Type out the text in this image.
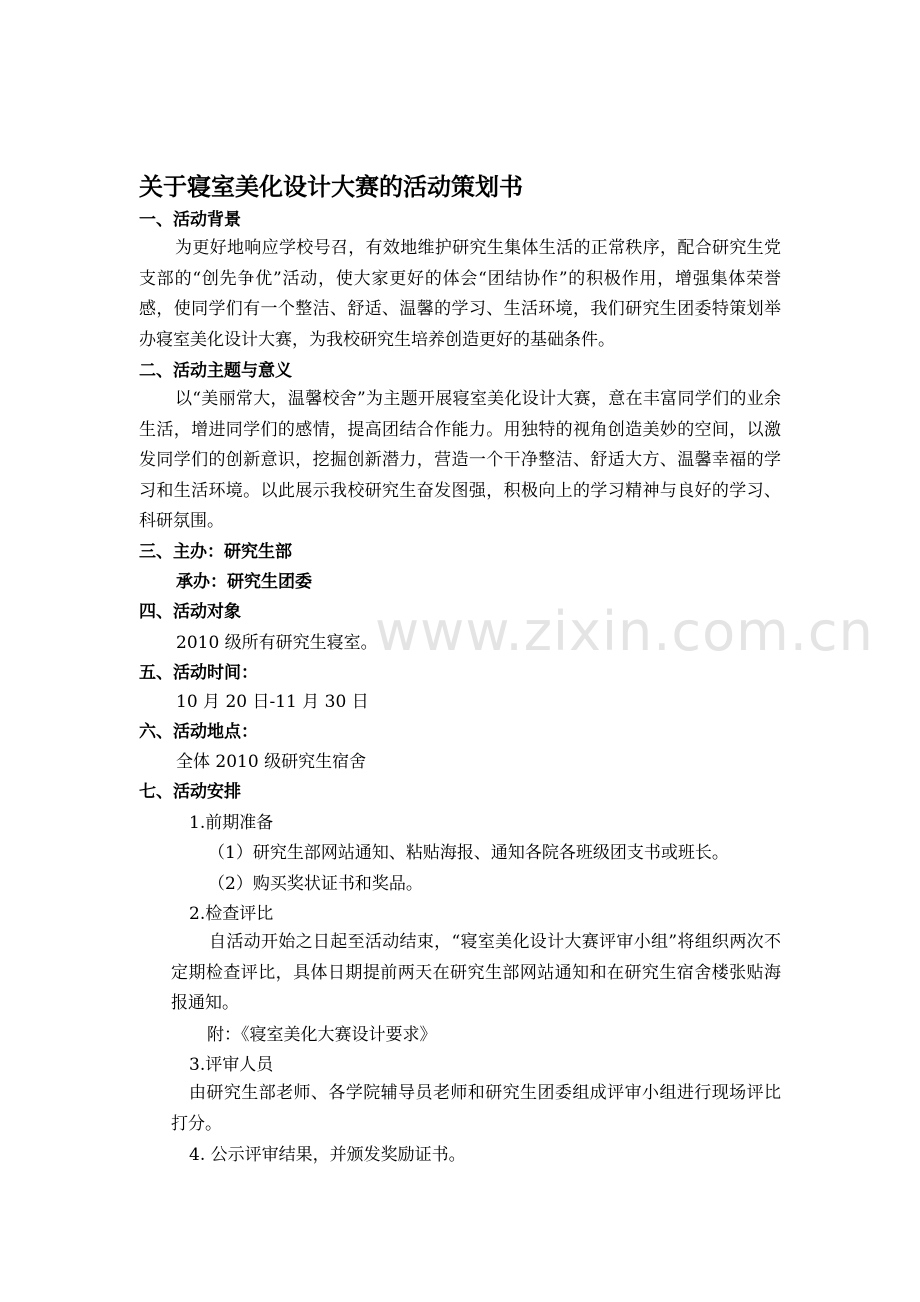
关于寝室美化设计大赛的活动策划书
一、活动背景
为更好地响应学校号召，有效地维护研究生集体生活的正常秩序，配合研究生党支部的“创先争优”活动，使大家更好的体会“团结协作”的积极作用，增强集体荣誉感，使同学们有一个整洁、舒适、温馨的学习、生活环境，我们研究生团委特策划举办寝室美化设计大赛，为我校研究生培养创造更好的基础条件。
二、活动主题与意义
以“美丽常大，温馨校舍”为主题开展寝室美化设计大赛，意在丰富同学们的业余生活，增进同学们的感情，提高团结合作能力。用独特的视角创造美妙的空间，以激发同学们的创新意识，挖掘创新潜力，营造一个干净整洁、舒适大方、温馨幸福的学习和生活环境。以此展示我校研究生奋发图强，积极向上的学习精神与良好的学习、科研氛围。
三、主办：研究生部
承办：研究生团委
四、活动对象
2010 级所有研究生寝室。
五、活动时间：
10 月 20 日-11 月 30 日
六、活动地点：
全体 2010 级研究生宿舍
七、活动安排
1.前期准备
（1）研究生部网站通知、粘贴海报、通知各院各班级团支书或班长。
（2）购买奖状证书和奖品。
2.检查评比
自活动开始之日起至活动结束，“寝室美化设计大赛评审小组”将组织两次不定期检查评比，具体日期提前两天在研究生部网站通知和在研究生宿舍楼张贴海报通知。
附：《寝室美化大赛设计要求》
3.评审人员
由研究生部老师、各学院辅导员老师和研究生团委组成评审小组进行现场评比打分。
4. 公示评审结果，并颁发奖励证书。
www.zixin.com.cn
